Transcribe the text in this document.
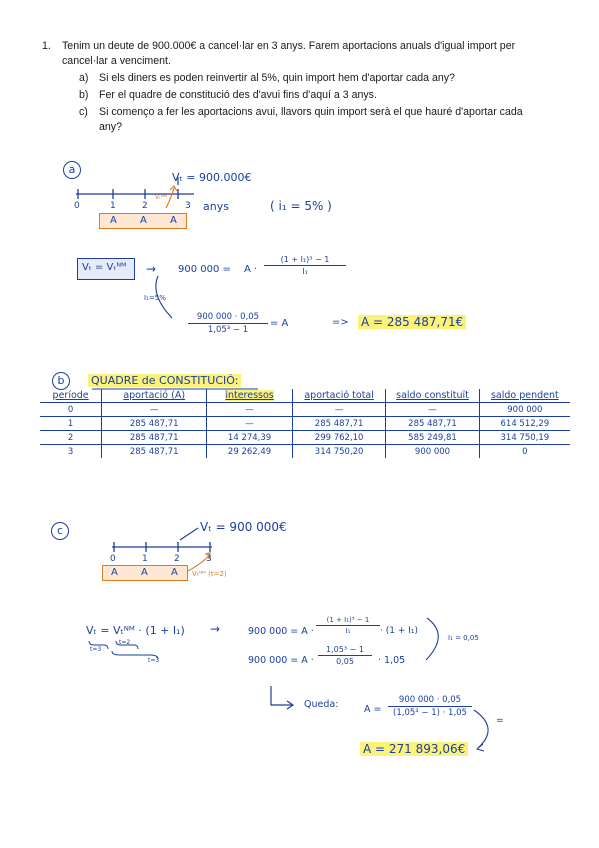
1. Tenim un deute de 900.000€ a cancel·lar en 3 anys. Farem aportacions anuals d'igual import per
cancel·lar a venciment.
a) Si els diners es poden reinvertir al 5%, quin import hem d'aportar cada any?
b) Fer el quadre de constitució des d'avui fins d'aquí a 3 anys.
c) Si començo a fer les aportacions avui, llavors quin import serà el que hauré d'aportar cada
any?
a
Vₜ = 900.000€
0	1	2	3 anys
Vₜᴺᴹ
( i₁ = 5% )
A A A
Vₜ = Vₜᴺᴹ → 900 000 = A ·
(1 + I₁)³ − 1
I₁
I₁=5%
900 000 · 0,05
1,05³ − 1
= A	=> A = 285 487,71€
b	QUADRE de CONSTITUCIÓ:
període	aportació (A)	interessos	aportació total	saldo constituït	saldo pendent
0	—	—	—	—	900 000
1	285 487,71	—	285 487,71	285 487,71	614 512,29
2	285 487,71	14 274,39	299 762,10	585 249,81	314 750,19
3	285 487,71	29 262,49	314 750,20	900 000	0
c	Vₜ = 900 000€
0	1	2	3
A A A Vₜᴺᴹ (t=2)
Vₜ = Vₜᴺᴹ · (1 + I₁)
t=3
t=2
t=3
→	900 000 = A ·
(1 + I₁)³ − 1
I₁	· (1 + I₁)
I₁ = 0,05
900 000 = A ·
1,05³ − 1
0,05	· 1,05
Queda:	A =
900 000 · 0,05
(1,05³ − 1) · 1,05
=
A = 271 893,06€
